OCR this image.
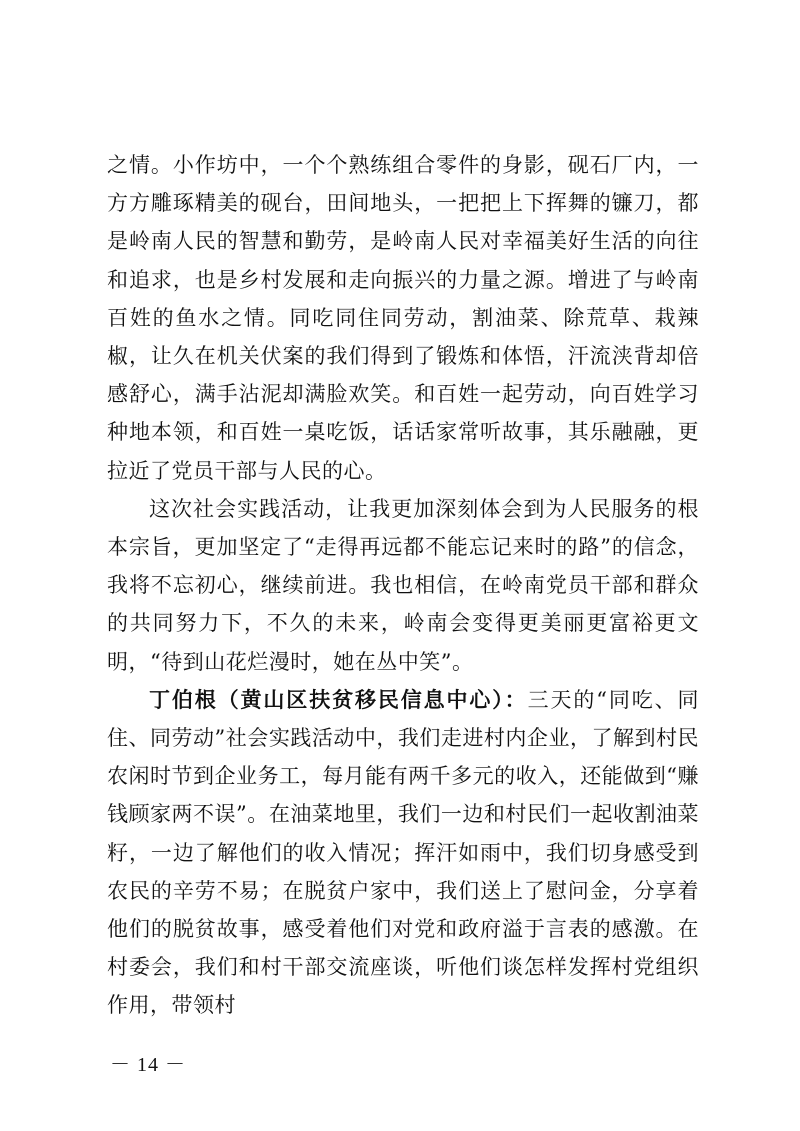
之情。小作坊中，一个个熟练组合零件的身影，砚石厂内，一方方雕琢精美的砚台，田间地头，一把把上下挥舞的镰刀，都是岭南人民的智慧和勤劳，是岭南人民对幸福美好生活的向往和追求，也是乡村发展和走向振兴的力量之源。增进了与岭南百姓的鱼水之情。同吃同住同劳动，割油菜、除荒草、栽辣椒，让久在机关伏案的我们得到了锻炼和体悟，汗流浃背却倍感舒心，满手沾泥却满脸欢笑。和百姓一起劳动，向百姓学习种地本领，和百姓一桌吃饭，话话家常听故事，其乐融融，更拉近了党员干部与人民的心。

这次社会实践活动，让我更加深刻体会到为人民服务的根本宗旨，更加坚定了“走得再远都不能忘记来时的路”的信念，我将不忘初心，继续前进。我也相信，在岭南党员干部和群众的共同努力下，不久的未来，岭南会变得更美丽更富裕更文明，“待到山花烂漫时，她在丛中笑”。

丁伯根（黄山区扶贫移民信息中心）：三天的“同吃、同住、同劳动”社会实践活动中，我们走进村内企业，了解到村民农闲时节到企业务工，每月能有两千多元的收入，还能做到“赚钱顾家两不误”。在油菜地里，我们一边和村民们一起收割油菜籽，一边了解他们的收入情况；挥汗如雨中，我们切身感受到农民的辛劳不易；在脱贫户家中，我们送上了慰问金，分享着他们的脱贫故事，感受着他们对党和政府溢于言表的感激。在村委会，我们和村干部交流座谈，听他们谈怎样发挥村党组织作用，带领村

－ 14 －
